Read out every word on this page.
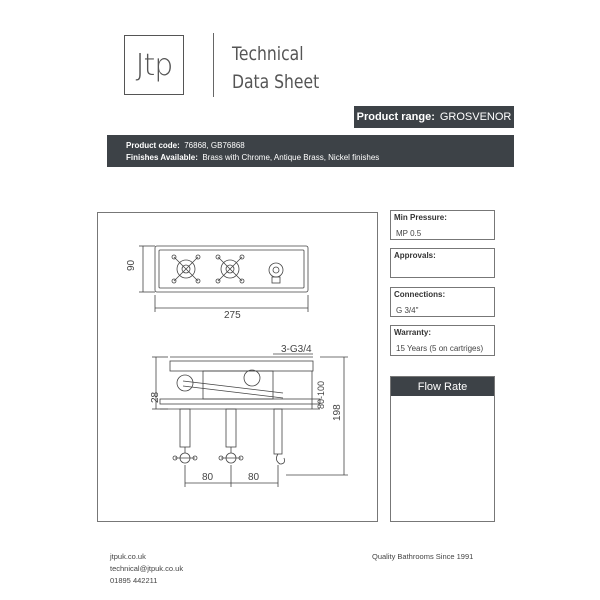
Jtp	Technical
Data Sheet
Product range: GROSVENOR
Product code: 76868, GB76868
Finishes Available: Brass with Chrome, Antique Brass, Nickel finishes
90
275
3-G3/4
28	80-100
198
80	80
Min Pressure:
MP 0.5
Approvals:
Connections:
G 3/4"
Warranty:
15 Years (5 on cartriges)
Flow Rate
jtpuk.co.uk
technical@jtpuk.co.uk
01895 442211
Quality Bathrooms Since 1991
